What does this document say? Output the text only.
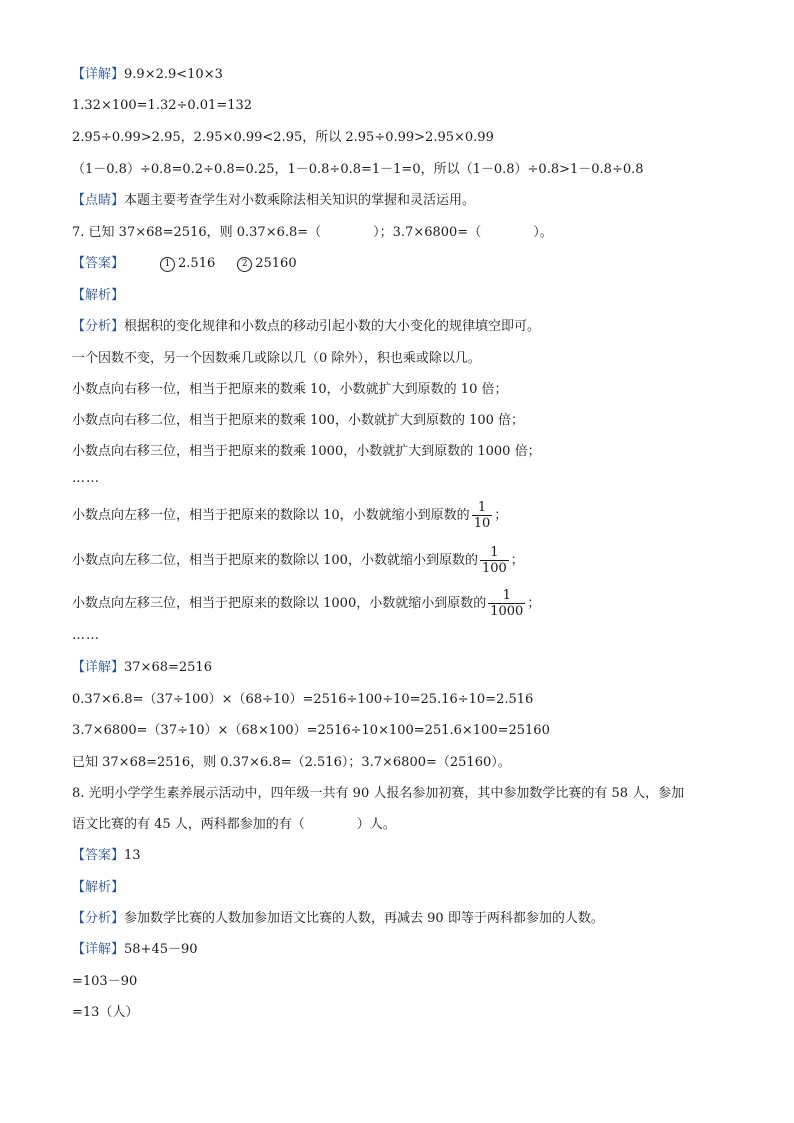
【详解】9.9×2.9<10×3
1.32×100=1.32÷0.01=132
2.95÷0.99>2.95，2.95×0.99<2.95，所以 2.95÷0.99>2.95×0.99
（1－0.8）÷0.8=0.2÷0.8=0.25，1－0.8÷0.8=1－1=0，所以（1－0.8）÷0.8>1－0.8÷0.8
【点睛】本题主要考查学生对小数乘除法相关知识的掌握和灵活运用。
7. 已知 37×68=2516，则 0.37×6.8=（　　　　）；3.7×6800=（　　　　）。
【答案】	1 2.516	2 25160
【解析】
【分析】根据积的变化规律和小数点的移动引起小数的大小变化的规律填空即可。
一个因数不变，另一个因数乘几或除以几（0 除外），积也乘或除以几。
小数点向右移一位，相当于把原来的数乘 10，小数就扩大到原数的 10 倍；
小数点向右移二位，相当于把原来的数乘 100，小数就扩大到原数的 100 倍；
小数点向右移三位，相当于把原来的数乘 1000，小数就扩大到原数的 1000 倍；
……
小数点向左移一位，相当于把原来的数除以 10，小数就缩小到原数的 $\frac{1}{10}$ ；
小数点向左移二位，相当于把原来的数除以 100，小数就缩小到原数的 $\frac{1}{100}$ ；
小数点向左移三位，相当于把原来的数除以 1000，小数就缩小到原数的 $\frac{1}{1000}$ ；
……
【详解】37×68=2516
0.37×6.8=（37÷100）×（68÷10）=2516÷100÷10=25.16÷10=2.516
3.7×6800=（37÷10）×（68×100）=2516÷10×100=251.6×100=25160
已知 37×68=2516，则 0.37×6.8=（2.516）；3.7×6800=（25160）。
8. 光明小学学生素养展示活动中，四年级一共有 90 人报名参加初赛，其中参加数学比赛的有 58 人，参加
语文比赛的有 45 人，两科都参加的有（　　　　）人。
【答案】13
【解析】
【分析】参加数学比赛的人数加参加语文比赛的人数，再减去 90 即等于两科都参加的人数。
【详解】58+45－90
=103－90
=13（人）
